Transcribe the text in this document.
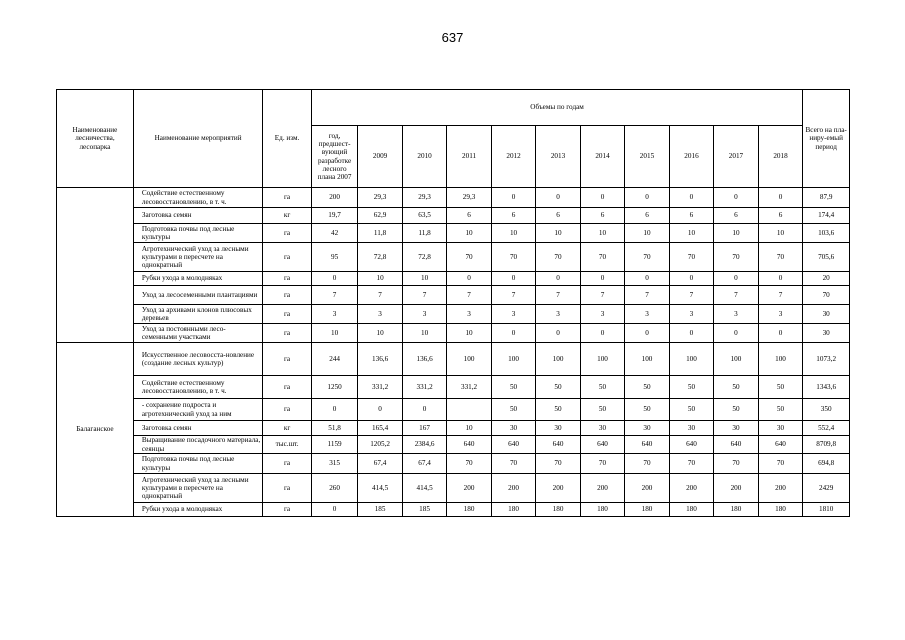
637
Наименование лесничества, лесопарка	Наименование мероприятий	Ед. изм.	Объемы по годам											Всего на пла-ниру-емый период
			год, предшест-вующий разработке лесного плана 2007	2009	2010	2011	2012	2013	2014	2015	2016	2017	2018	
	Содействие естественному лесовосстановлению, в т. ч.	га	200	29,3	29,3	29,3	0	0	0	0	0	0	0	87,9
	Заготовка семян	кг	19,7	62,9	63,5	6	6	6	6	6	6	6	6	174,4
	Подготовка почвы под лесные культуры	га	42	11,8	11,8	10	10	10	10	10	10	10	10	103,6
	Агротехнический уход за лесными культурами в пересчете на однократный	га	95	72,8	72,8	70	70	70	70	70	70	70	70	705,6
	Рубки ухода в молодняках	га	0	10	10	0	0	0	0	0	0	0	0	20
	Уход за лесосеменными плантациями	га	7	7	7	7	7	7	7	7	7	7	7	70
	Уход за архивами клонов плюсовых деревьев	га	3	3	3	3	3	3	3	3	3	3	3	30
	Уход за постоянными лесо-семенными участками	га	10	10	10	10	0	0	0	0	0	0	0	30
Балаганское	Искусственное лесовосста-новление (создание лесных культур)	га	244	136,6	136,6	100	100	100	100	100	100	100	100	1073,2
	Содействие естественному лесовосстановлению, в т. ч.	га	1250	331,2	331,2	331,2	50	50	50	50	50	50	50	1343,6
	- сохранение подроста и агротехнический уход за ним	га	0	0	0		50	50	50	50	50	50	50	350
	Заготовка семян	кг	51,8	165,4	167	10	30	30	30	30	30	30	30	552,4
	Выращивание посадочного материала, сеянцы	тыс.шт.	1159	1205,2	2384,6	640	640	640	640	640	640	640	640	8709,8
	Подготовка почвы под лесные культуры	га	315	67,4	67,4	70	70	70	70	70	70	70	70	694,8
	Агротехнический уход за лесными культурами в пересчете на однократный	га	260	414,5	414,5	200	200	200	200	200	200	200	200	2429
	Рубки ухода в молодняках	га	0	185	185	180	180	180	180	180	180	180	180	1810
